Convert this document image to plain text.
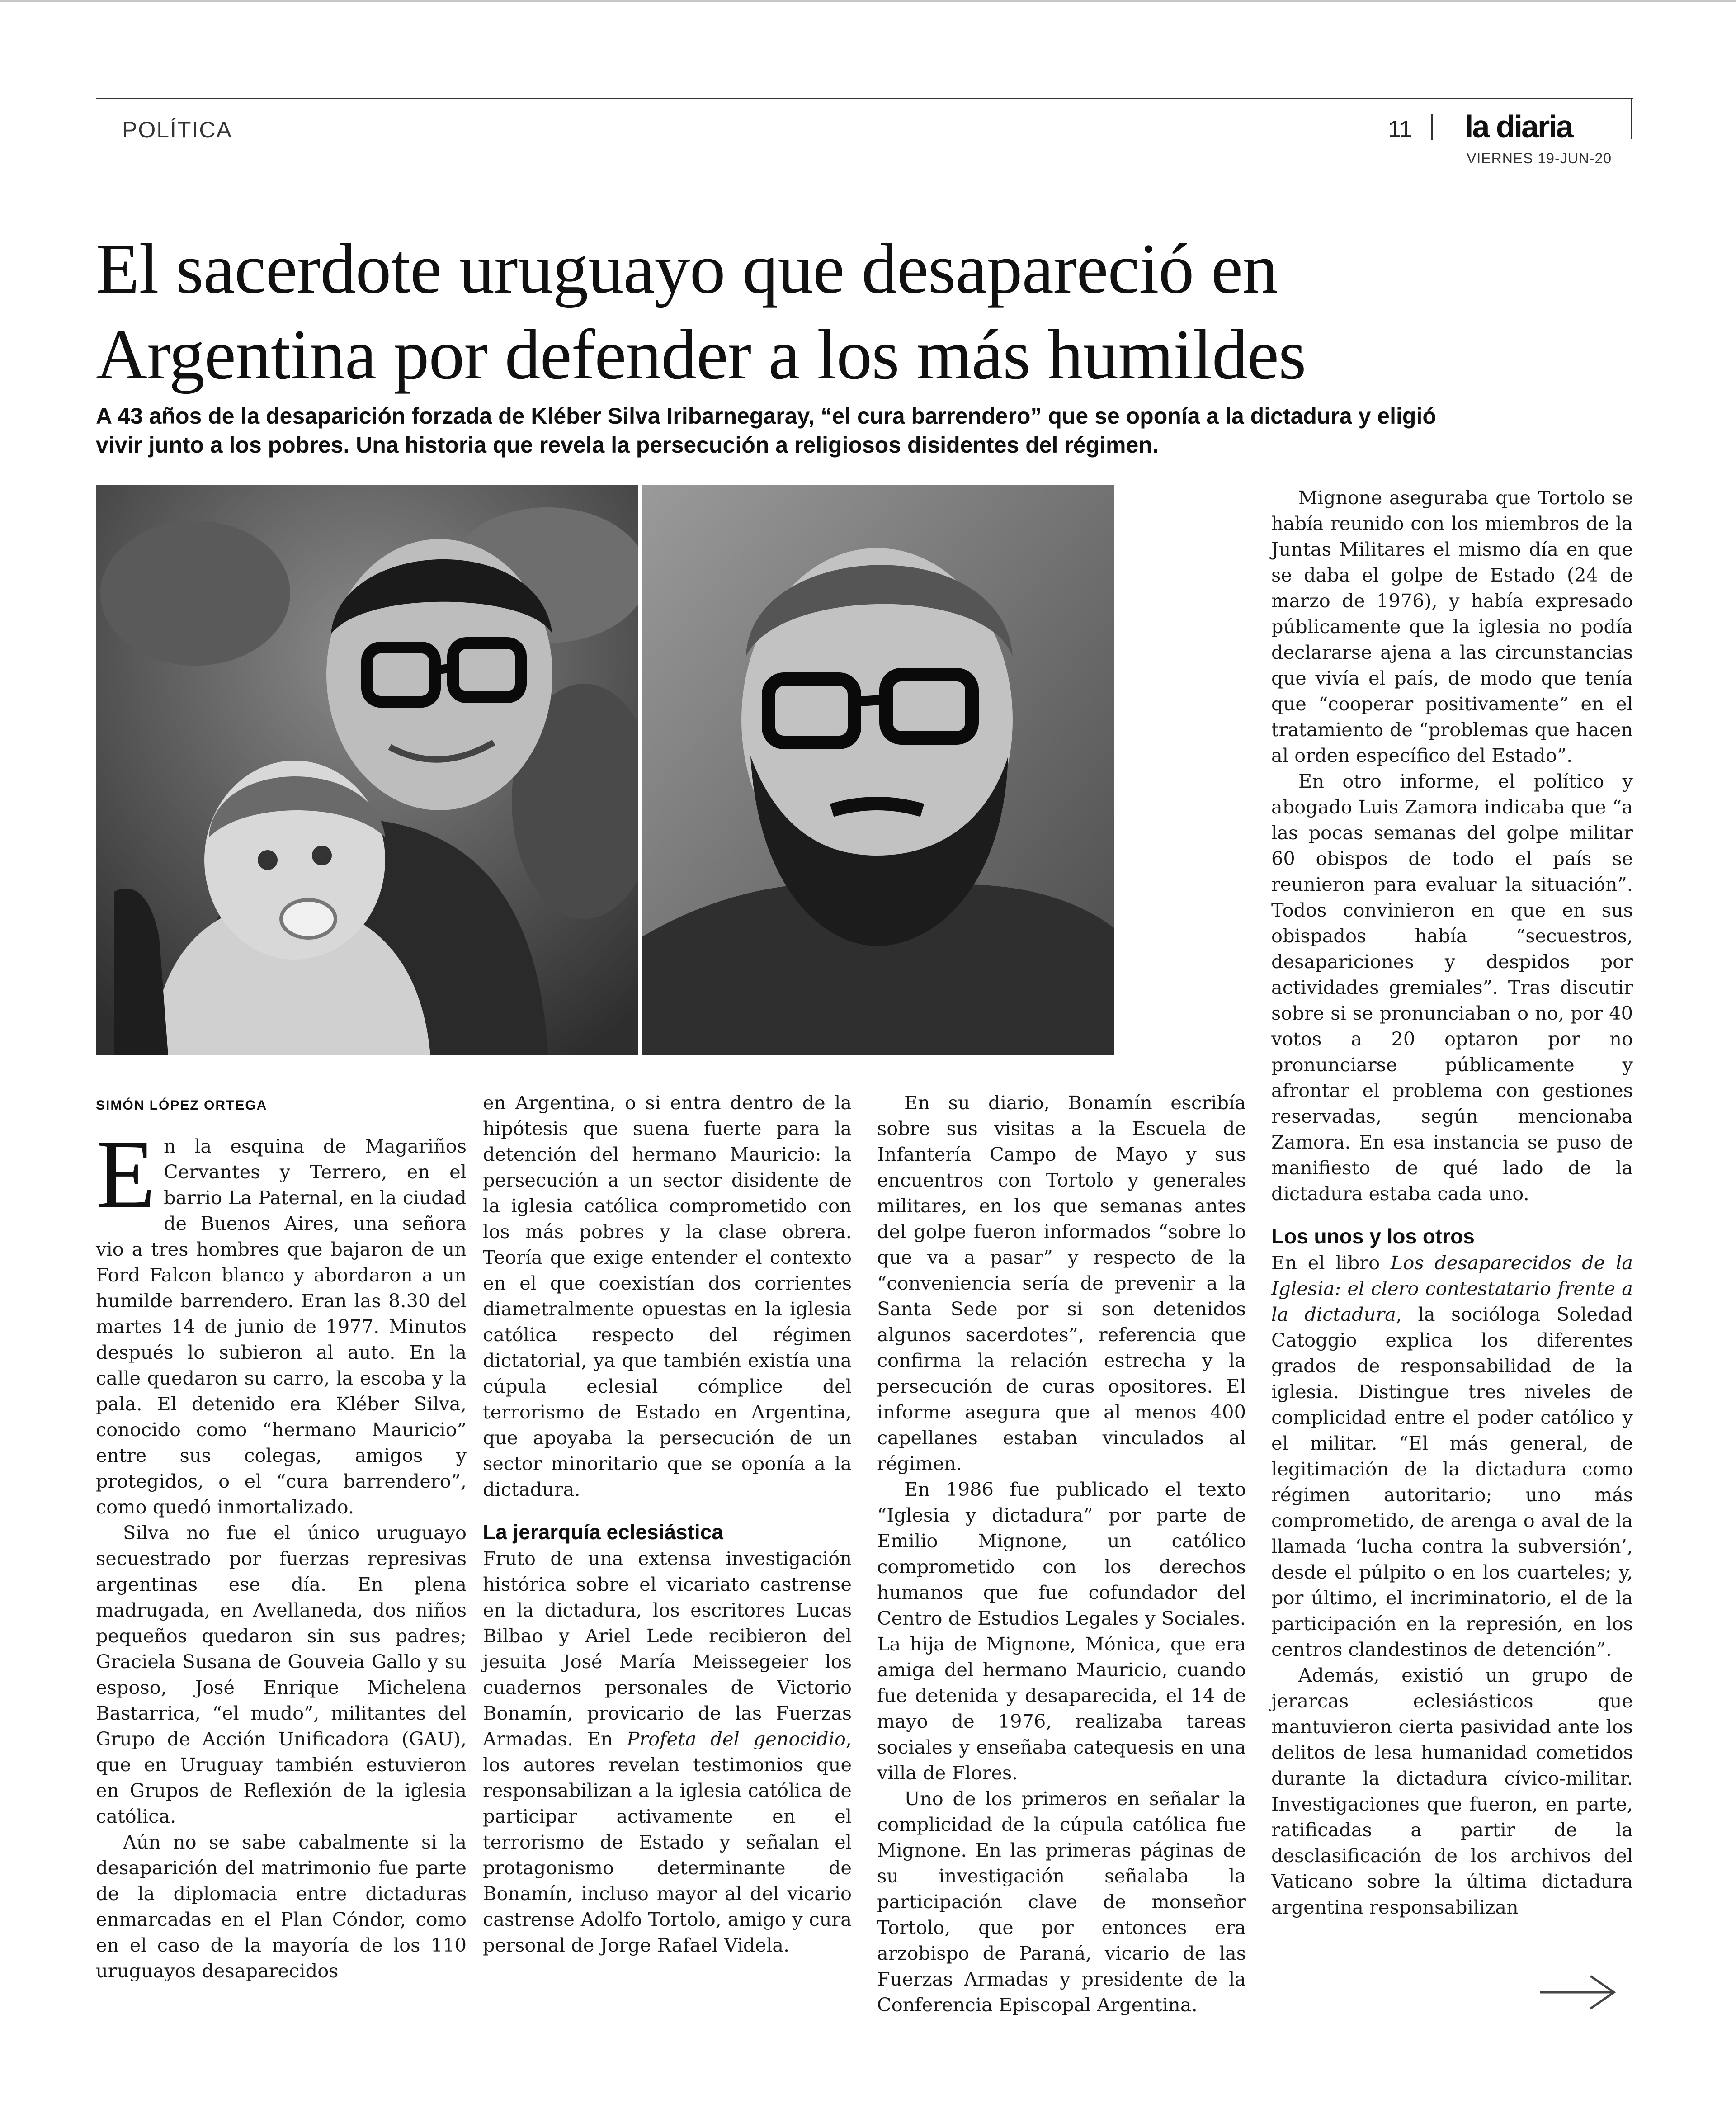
POLÍTICA	11 la diaria
VIERNES 19-JUN-20
El sacerdote uruguayo que desapareció en
Argentina por defender a los más humildes

A 43 años de la desaparición forzada de Kléber Silva Iribarnegaray, “el cura barrendero” que se oponía a la dictadura y eligió vivir junto a los pobres. Una historia que revela la persecución a religiosos disidentes del régimen.

SIMÓN LÓPEZ ORTEGA

En la esquina de Magariños Cervantes y Terrero, en el barrio La Paternal, en la ciudad de Buenos Aires, una señora vio a tres hombres que bajaron de un Ford Falcon blanco y abordaron a un humilde barrendero. Eran las 8.30 del martes 14 de junio de 1977. Minutos después lo subieron al auto. En la calle quedaron su carro, la escoba y la pala. El detenido era Kléber Silva, conocido como “hermano Mauricio” entre sus colegas, amigos y protegidos, o el “cura barrendero”, como quedó inmortalizado.

Silva no fue el único uruguayo secuestrado por fuerzas represivas argentinas ese día. En plena madrugada, en Avellaneda, dos niños pequeños quedaron sin sus padres; Graciela Susana de Gouveia Gallo y su esposo, José Enrique Michelena Bastarrica, “el mudo”, militantes del Grupo de Acción Unificadora (GAU), que en Uruguay también estuvieron en Grupos de Reflexión de la iglesia católica.

Aún no se sabe cabalmente si la desaparición del matrimonio fue parte de la diplomacia entre dictaduras enmarcadas en el Plan Cóndor, como en el caso de la mayoría de los 110 uruguayos desaparecidos

en Argentina, o si entra dentro de la hipótesis que suena fuerte para la detención del hermano Mauricio: la persecución a un sector disidente de la iglesia católica comprometido con los más pobres y la clase obrera. Teoría que exige entender el contexto en el que coexistían dos corrientes diametralmente opuestas en la iglesia católica respecto del régimen dictatorial, ya que también existía una cúpula eclesial cómplice del terrorismo de Estado en Argentina, que apoyaba la persecución de un sector minoritario que se oponía a la dictadura.

La jerarquía eclesiástica

Fruto de una extensa investigación histórica sobre el vicariato castrense en la dictadura, los escritores Lucas Bilbao y Ariel Lede recibieron del jesuita José María Meissegeier los cuadernos personales de Victorio Bonamín, provicario de las Fuerzas Armadas. En Profeta del genocidio, los autores revelan testimonios que responsabilizan a la iglesia católica de participar activamente en el terrorismo de Estado y señalan el protagonismo determinante de Bonamín, incluso mayor al del vicario castrense Adolfo Tortolo, amigo y cura personal de Jorge Rafael Videla.

En su diario, Bonamín escribía sobre sus visitas a la Escuela de Infantería Campo de Mayo y sus encuentros con Tortolo y generales militares, en los que semanas antes del golpe fueron informados “sobre lo que va a pasar” y respecto de la “conveniencia sería de prevenir a la Santa Sede por si son detenidos algunos sacerdotes”, referencia que confirma la relación estrecha y la persecución de curas opositores. El informe asegura que al menos 400 capellanes estaban vinculados al régimen.

En 1986 fue publicado el texto “Iglesia y dictadura” por parte de Emilio Mignone, un católico comprometido con los derechos humanos que fue cofundador del Centro de Estudios Legales y Sociales. La hija de Mignone, Mónica, que era amiga del hermano Mauricio, cuando fue detenida y desaparecida, el 14 de mayo de 1976, realizaba tareas sociales y enseñaba catequesis en una villa de Flores.

Uno de los primeros en señalar la complicidad de la cúpula católica fue Mignone. En las primeras páginas de su investigación señalaba la participación clave de monseñor Tortolo, que por entonces era arzobispo de Paraná, vicario de las Fuerzas Armadas y presidente de la Conferencia Episcopal Argentina.

Mignone aseguraba que Tortolo se había reunido con los miembros de la Juntas Militares el mismo día en que se daba el golpe de Estado (24 de marzo de 1976), y había expresado públicamente que la iglesia no podía declararse ajena a las circunstancias que vivía el país, de modo que tenía que “cooperar positivamente” en el tratamiento de “problemas que hacen al orden específico del Estado”.

En otro informe, el político y abogado Luis Zamora indicaba que “a las pocas semanas del golpe militar 60 obispos de todo el país se reunieron para evaluar la situación”. Todos convinieron en que en sus obispados había “secuestros, desapariciones y despidos por actividades gremiales”. Tras discutir sobre si se pronunciaban o no, por 40 votos a 20 optaron por no pronunciarse públicamente y afrontar el problema con gestiones reservadas, según mencionaba Zamora. En esa instancia se puso de manifiesto de qué lado de la dictadura estaba cada uno.

Los unos y los otros

En el libro Los desaparecidos de la Iglesia: el clero contestatario frente a la dictadura, la socióloga Soledad Catoggio explica los diferentes grados de responsabilidad de la iglesia. Distingue tres niveles de complicidad entre el poder católico y el militar. “El más general, de legitimación de la dictadura como régimen autoritario; uno más comprometido, de arenga o aval de la llamada ‘lucha contra la subversión’, desde el púlpito o en los cuarteles; y, por último, el incriminatorio, el de la participación en la represión, en los centros clandestinos de detención”.

Además, existió un grupo de jerarcas eclesiásticos que mantuvieron cierta pasividad ante los delitos de lesa humanidad cometidos durante la dictadura cívico-militar. Investigaciones que fueron, en parte, ratificadas a partir de la desclasificación de los archivos del Vaticano sobre la última dictadura argentina responsabilizan
